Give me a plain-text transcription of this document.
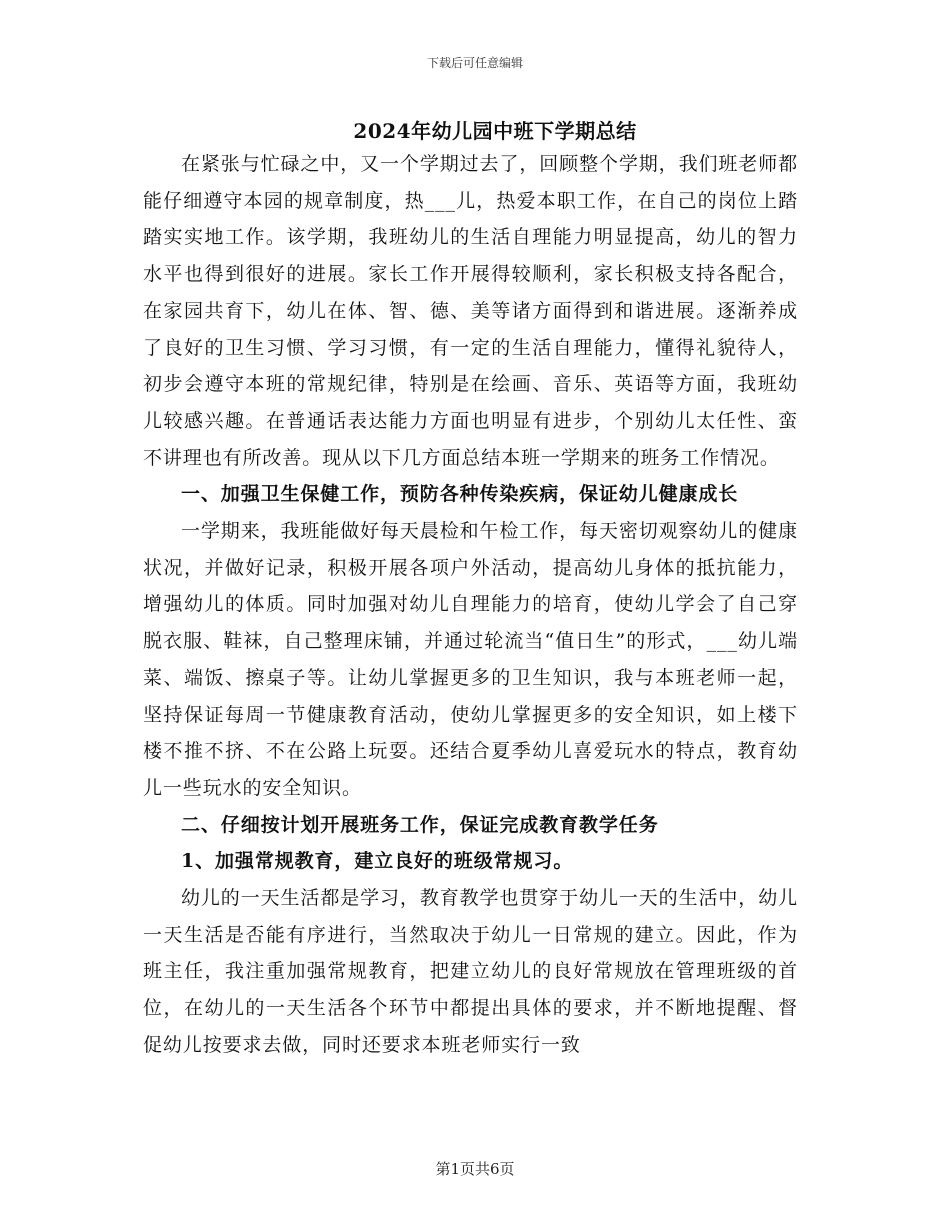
下载后可任意编辑
2024年幼儿园中班下学期总结

在紧张与忙碌之中，又一个学期过去了，回顾整个学期，我们班老师都能仔细遵守本园的规章制度，热___儿，热爱本职工作，在自己的岗位上踏踏实实地工作。该学期，我班幼儿的生活自理能力明显提高，幼儿的智力水平也得到很好的进展。家长工作开展得较顺利，家长积极支持各配合，在家园共育下，幼儿在体、智、德、美等诸方面得到和谐进展。逐渐养成了良好的卫生习惯、学习习惯，有一定的生活自理能力，懂得礼貌待人，初步会遵守本班的常规纪律，特别是在绘画、音乐、英语等方面，我班幼儿较感兴趣。在普通话表达能力方面也明显有进步，个别幼儿太任性、蛮不讲理也有所改善。现从以下几方面总结本班一学期来的班务工作情况。

一、加强卫生保健工作，预防各种传染疾病，保证幼儿健康成长

一学期来，我班能做好每天晨检和午检工作，每天密切观察幼儿的健康状况，并做好记录，积极开展各项户外活动，提高幼儿身体的抵抗能力，增强幼儿的体质。同时加强对幼儿自理能力的培育，使幼儿学会了自己穿脱衣服、鞋袜，自己整理床铺，并通过轮流当“值日生”的形式，___幼儿端菜、端饭、擦桌子等。让幼儿掌握更多的卫生知识，我与本班老师一起，坚持保证每周一节健康教育活动，使幼儿掌握更多的安全知识，如上楼下楼不推不挤、不在公路上玩耍。还结合夏季幼儿喜爱玩水的特点，教育幼儿一些玩水的安全知识。

二、仔细按计划开展班务工作，保证完成教育教学任务

1、加强常规教育，建立良好的班级常规习。

幼儿的一天生活都是学习，教育教学也贯穿于幼儿一天的生活中，幼儿一天生活是否能有序进行，当然取决于幼儿一日常规的建立。因此，作为班主任，我注重加强常规教育，把建立幼儿的良好常规放在管理班级的首位，在幼儿的一天生活各个环节中都提出具体的要求，并不断地提醒、督促幼儿按要求去做，同时还要求本班老师实行一致

第1页共6页
